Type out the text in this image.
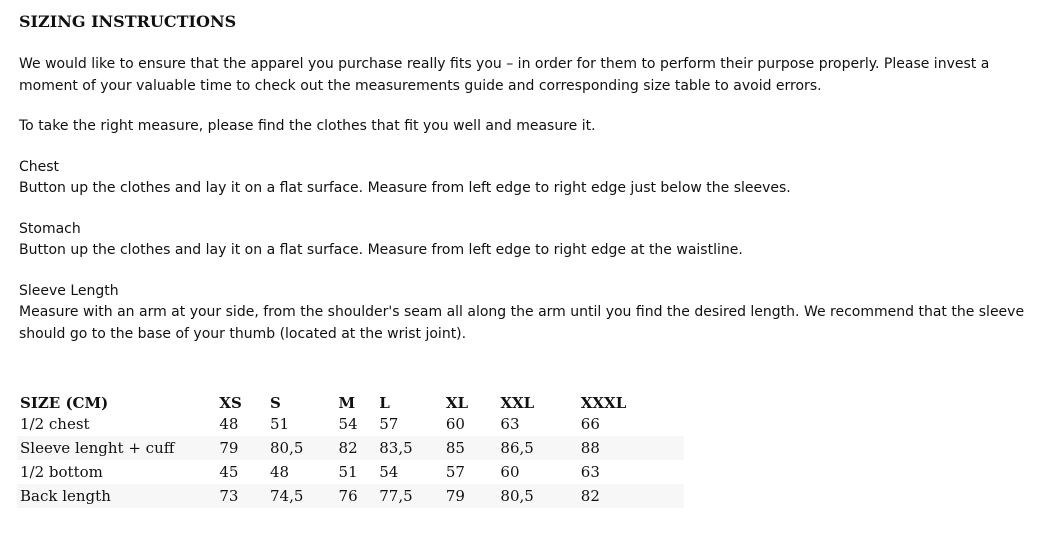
SIZING INSTRUCTIONS

We would like to ensure that the apparel you purchase really fits you – in order for them to perform their purpose properly. Please invest a moment of your valuable time to check out the measurements guide and corresponding size table to avoid errors.

To take the right measure, please find the clothes that fit you well and measure it.

Chest
Button up the clothes and lay it on a flat surface. Measure from left edge to right edge just below the sleeves.
Stomach
Button up the clothes and lay it on a flat surface. Measure from left edge to right edge at the waistline.
Sleeve Length
Measure with an arm at your side, from the shoulder's seam all along the arm until you find the desired length. We recommend that the sleeve should go to the base of your thumb (located at the wrist joint).
SIZE (CM)	XS	S	M	L	XL	XXL	XXXL
1/2 chest	48	51	54	57	60	63	66
Sleeve lenght + cuff	79	80,5	82	83,5	85	86,5	88
1/2 bottom	45	48	51	54	57	60	63
Back length	73	74,5	76	77,5	79	80,5	82
